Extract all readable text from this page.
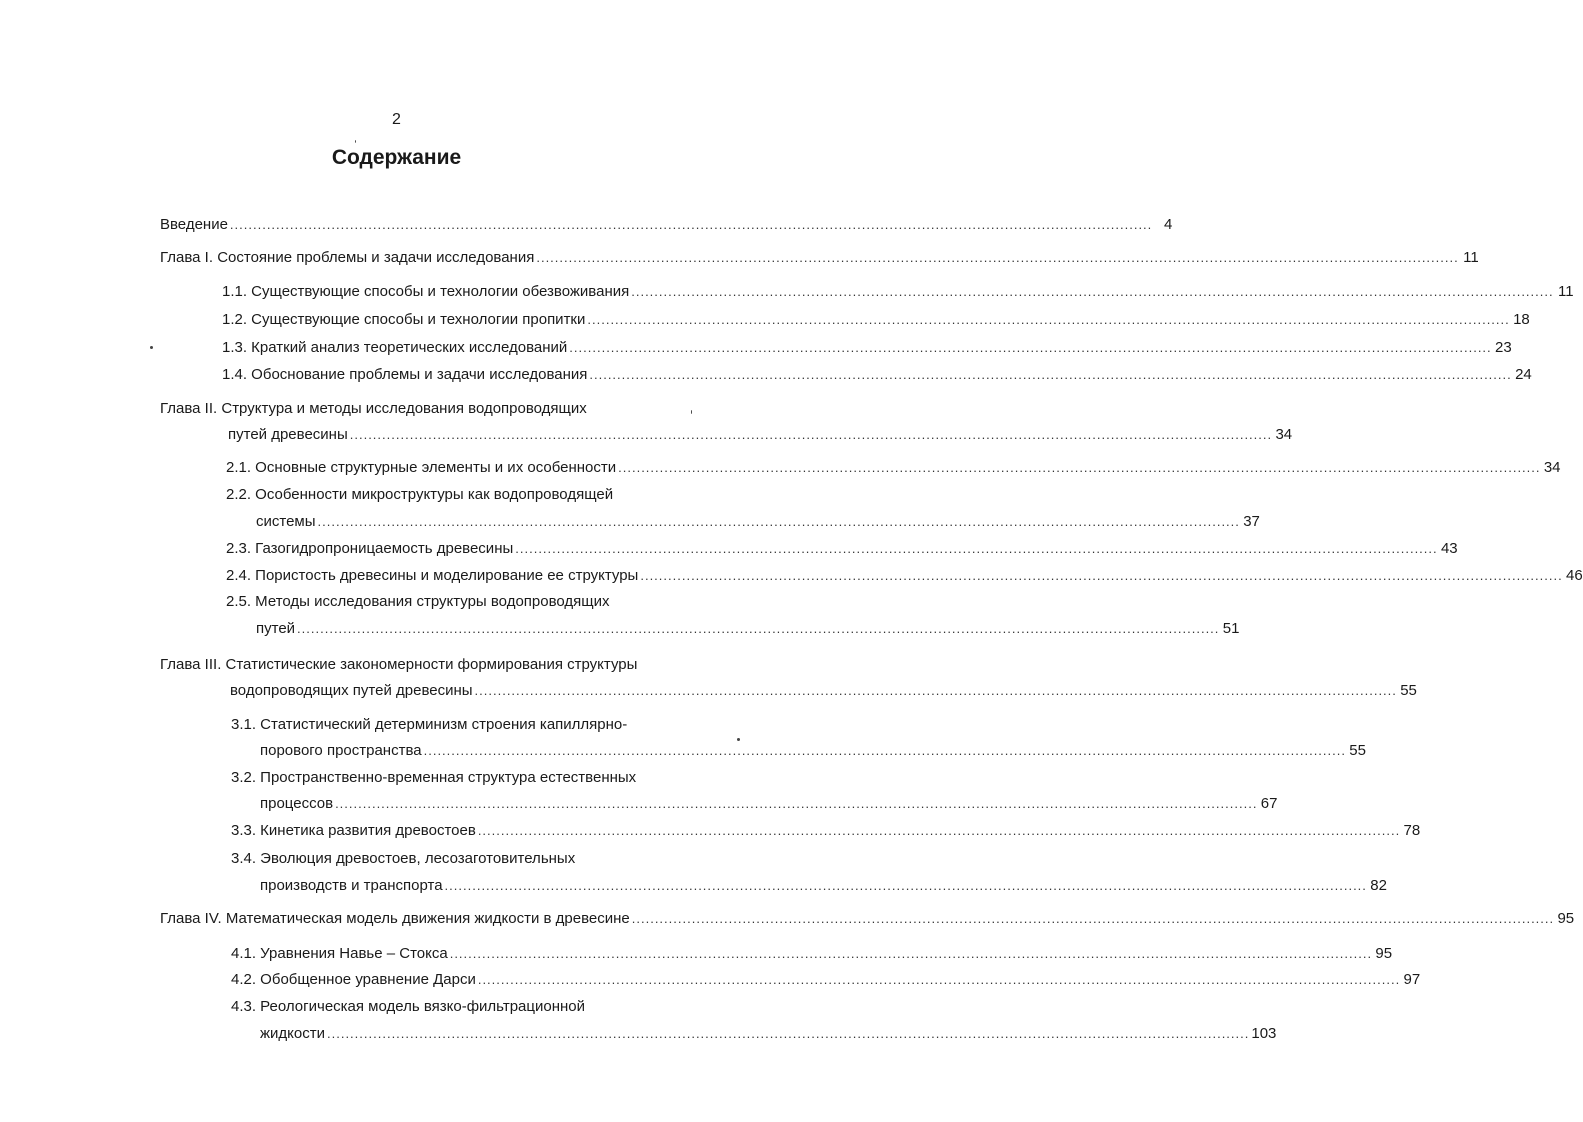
2
Содержание
Введение ........................................................................................................................................................................................................ 4
Глава I. Состояние проблемы и задачи исследования ........................................................................................................................................................................................................ 11
1.1. Существующие способы и технологии обезвоживания ........................................................................................................................................................................................................ 11
1.2. Существующие способы и технологии пропитки ........................................................................................................................................................................................................ 18
1.3. Краткий анализ теоретических исследований ........................................................................................................................................................................................................ 23
1.4. Обоснование проблемы и задачи исследования ........................................................................................................................................................................................................ 24
Глава II. Структура и методы исследования водопроводящих
путей древесины ........................................................................................................................................................................................................ 34
2.1. Основные структурные элементы и их особенности ........................................................................................................................................................................................................ 34
2.2. Особенности микроструктуры как водопроводящей
системы ........................................................................................................................................................................................................ 37
2.3. Газогидропроницаемость древесины ........................................................................................................................................................................................................ 43
2.4. Пористость древесины и моделирование ее структуры ........................................................................................................................................................................................................ 46
2.5. Методы исследования структуры водопроводящих
путей ........................................................................................................................................................................................................ 51
Глава III. Статистические закономерности формирования структуры
водопроводящих путей древесины ........................................................................................................................................................................................................ 55
3.1. Статистический детерминизм строения капиллярно-
порового пространства ........................................................................................................................................................................................................ 55
3.2. Пространственно-временная структура естественных
процессов ........................................................................................................................................................................................................ 67
3.3. Кинетика развития древостоев ........................................................................................................................................................................................................ 78
3.4. Эволюция древостоев, лесозаготовительных
производств и транспорта ........................................................................................................................................................................................................ 82
Глава IV. Математическая модель движения жидкости в древесине ........................................................................................................................................................................................................ 95
4.1. Уравнения Навье – Стокса ........................................................................................................................................................................................................ 95
4.2. Обобщенное уравнение Дарси ........................................................................................................................................................................................................ 97
4.3. Реологическая модель вязко-фильтрационной
жидкости ........................................................................................................................................................................................................ 103
